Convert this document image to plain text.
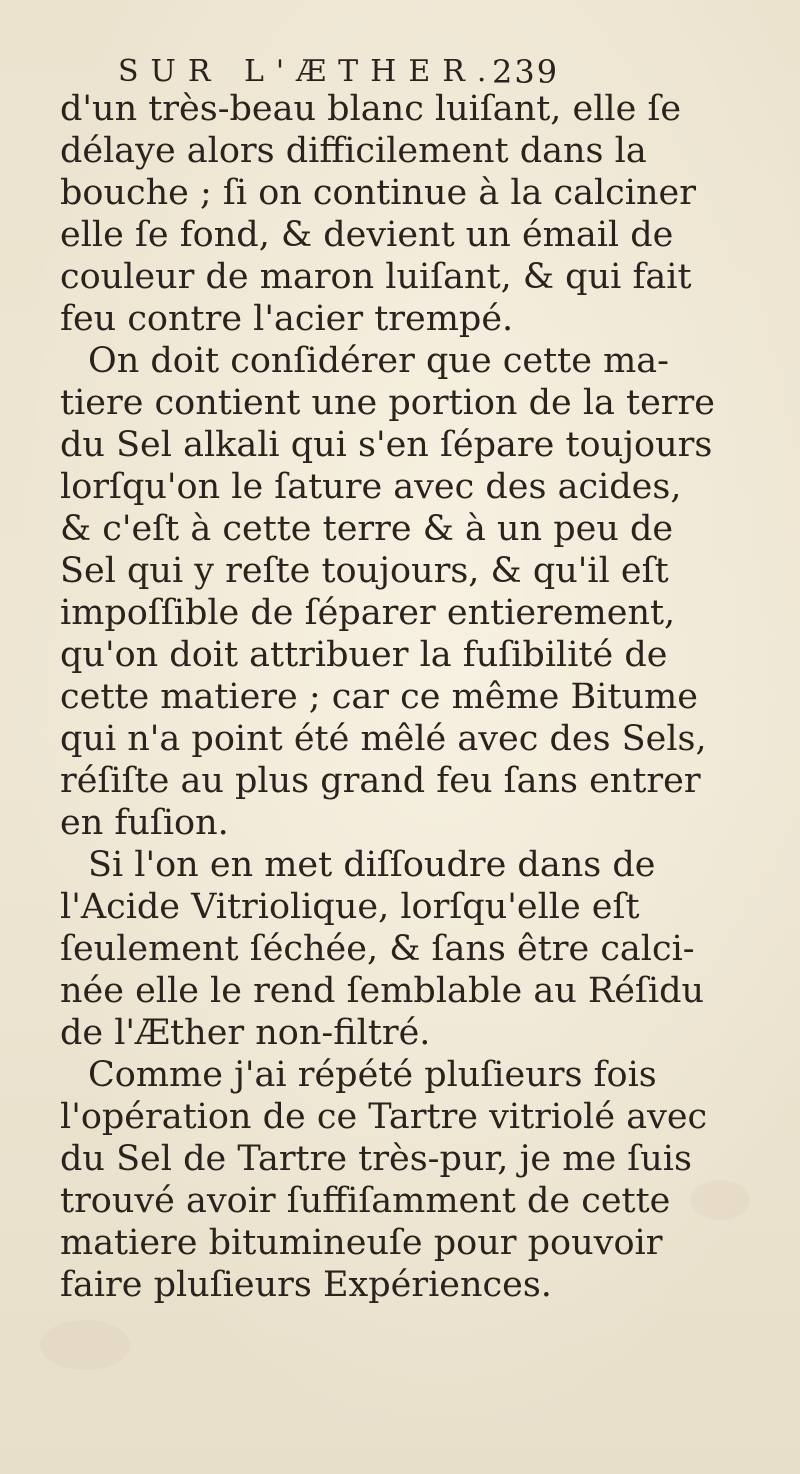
SUR L'ÆTHER.
239
d'un très-beau blanc luiſant, elle ſe
délaye alors difficilement dans la
bouche ; ſi on continue à la calciner
elle ſe fond, & devient un émail de
couleur de maron luiſant, & qui fait
feu contre l'acier trempé.
On doit conſidérer que cette ma-
tiere contient une portion de la terre
du Sel alkali qui s'en ſépare toujours
lorſqu'on le ſature avec des acides,
& c'eſt à cette terre & à un peu de
Sel qui y reſte toujours, & qu'il eſt
impoſſible de ſéparer entierement,
qu'on doit attribuer la fuſibilité de
cette matiere ; car ce même Bitume
qui n'a point été mêlé avec des Sels,
réſiſte au plus grand feu ſans entrer
en fuſion.
Si l'on en met diſſoudre dans de
l'Acide Vitriolique, lorſqu'elle eſt
ſeulement ſéchée, & ſans être calci-
née elle le rend ſemblable au Réſidu
de l'Æther non-filtré.
Comme j'ai répété pluſieurs fois
l'opération de ce Tartre vitriolé avec
du Sel de Tartre très-pur, je me ſuis
trouvé avoir ſuffiſamment de cette
matiere bitumineuſe pour pouvoir
faire pluſieurs Expériences.
